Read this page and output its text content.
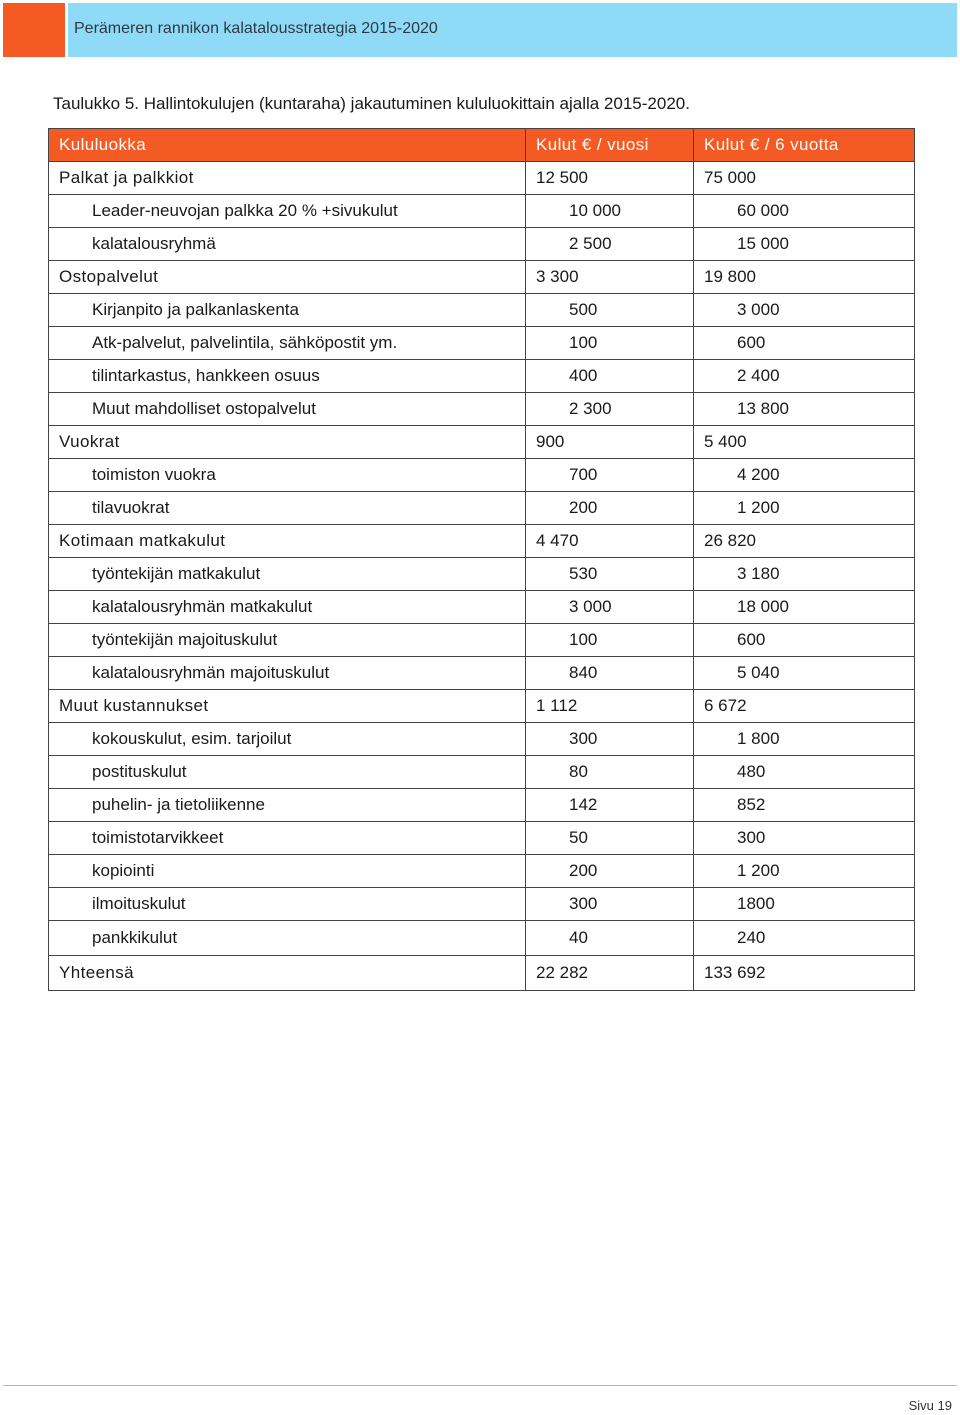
Perämeren rannikon kalatalousstrategia 2015-2020
Taulukko 5. Hallintokulujen (kuntaraha) jakautuminen kululuokittain ajalla 2015-2020.
Kululuokka	Kulut € / vuosi	Kulut € / 6 vuotta
Palkat ja palkkiot	12 500	75 000
Leader-neuvojan palkka 20 % +sivukulut	10 000	60 000
kalatalousryhmä	2 500	15 000
Ostopalvelut	3 300	19 800
Kirjanpito ja palkanlaskenta	500	3 000
Atk-palvelut, palvelintila, sähköpostit ym.	100	600
tilintarkastus, hankkeen osuus	400	2 400
Muut mahdolliset ostopalvelut	2 300	13 800
Vuokrat	900	5 400
toimiston vuokra	700	4 200
tilavuokrat	200	1 200
Kotimaan matkakulut	4 470	26 820
työntekijän matkakulut	530	3 180
kalatalousryhmän matkakulut	3 000	18 000
työntekijän majoituskulut	100	600
kalatalousryhmän majoituskulut	840	5 040
Muut kustannukset	1 112	6 672
kokouskulut, esim. tarjoilut	300	1 800
postituskulut	80	480
puhelin- ja tietoliikenne	142	852
toimistotarvikkeet	50	300
kopiointi	200	1 200
ilmoituskulut	300	1800
pankkikulut	40	240
Yhteensä	22 282	133 692
Sivu 19
